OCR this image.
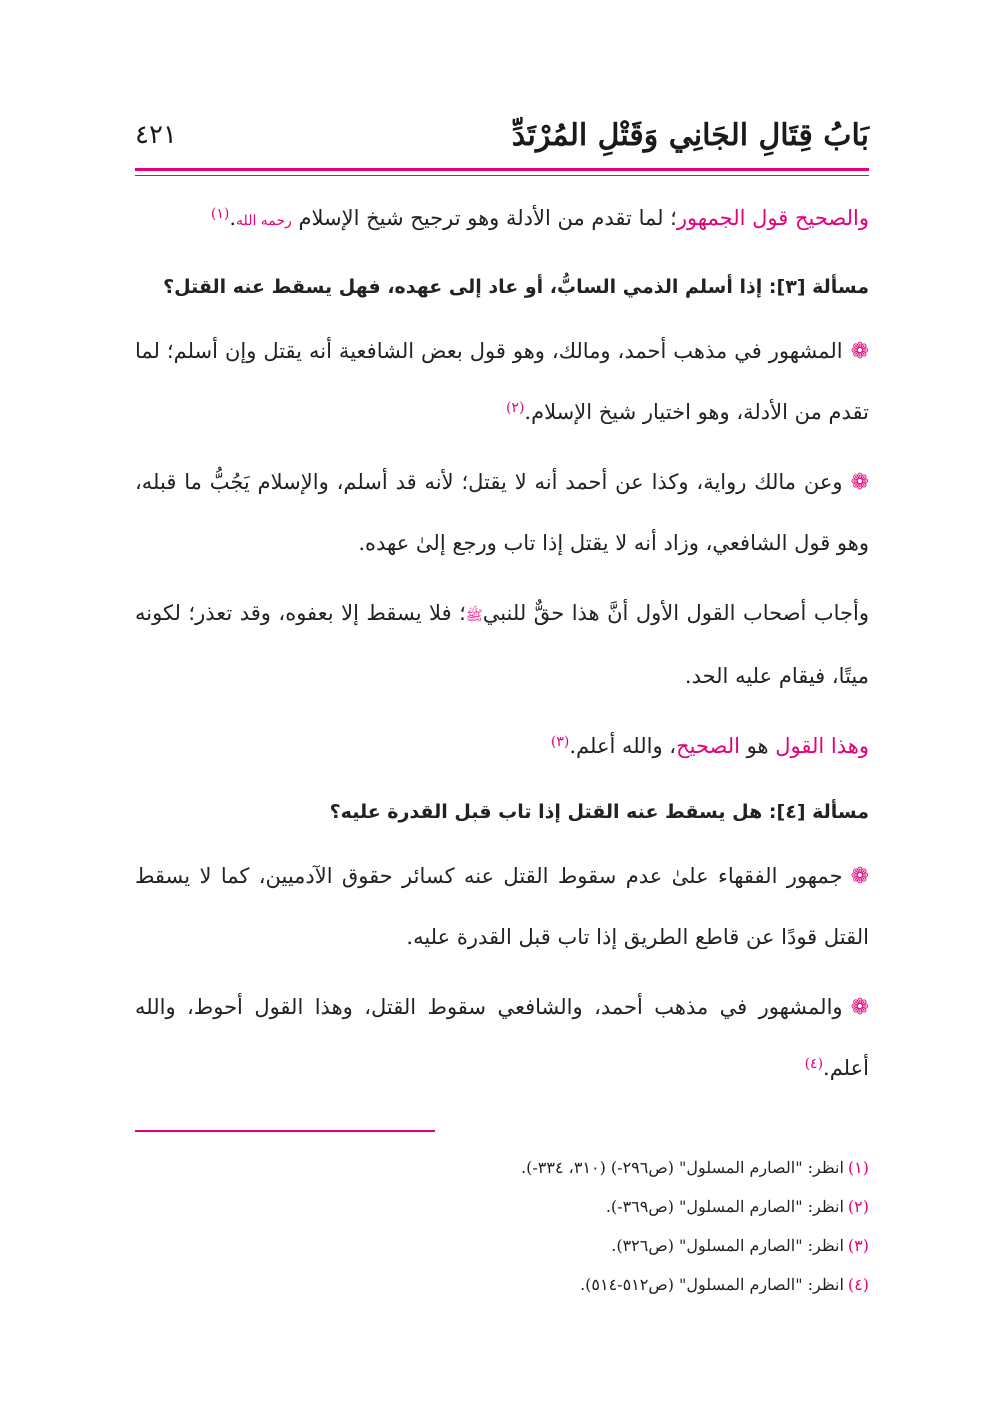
بَابُ قِتَالِ الجَانِي وَقَتْلِ المُرْتَدِّ
٤٢١

والصحيح قول الجمهور؛ لما تقدم من الأدلة وهو ترجيح شيخ الإسلام رحمه الله.$^{(١)}$

مسألة [٣]: إذا أسلم الذمي السابُّ، أو عاد إلى عهده، فهل يسقط عنه القتل؟

❁المشهور في مذهب أحمد، ومالك، وهو قول بعض الشافعية أنه يقتل وإن أسلم؛ لما تقدم من الأدلة، وهو اختيار شيخ الإسلام.$^{(٢)}$

❁وعن مالك رواية، وكذا عن أحمد أنه لا يقتل؛ لأنه قد أسلم، والإسلام يَجُبُّ ما قبله، وهو قول الشافعي، وزاد أنه لا يقتل إذا تاب ورجع إلىٰ عهده.

وأجاب أصحاب القول الأول أنَّ هذا حقٌّ للنبيﷺ؛ فلا يسقط إلا بعفوه، وقد تعذر؛ لكونه ميتًا، فيقام عليه الحد.

وهذا القول هو الصحيح، والله أعلم.$^{(٣)}$

مسألة [٤]: هل يسقط عنه القتل إذا تاب قبل القدرة عليه؟

❁جمهور الفقهاء علىٰ عدم سقوط القتل عنه كسائر حقوق الآدميين، كما لا يسقط القتل قودًا عن قاطع الطريق إذا تاب قبل القدرة عليه.

❁والمشهور في مذهب أحمد، والشافعي سقوط القتل، وهذا القول أحوط، والله أعلم.$^{(٤)}$

(١)انظر: "الصارم المسلول" (ص٢٩٦-) (٣١٠، ٣٣٤-).

(٢)انظر: "الصارم المسلول" (ص٣٦٩-).

(٣)انظر: "الصارم المسلول" (ص٣٢٦).

(٤)انظر: "الصارم المسلول" (ص٥١٢-٥١٤).
